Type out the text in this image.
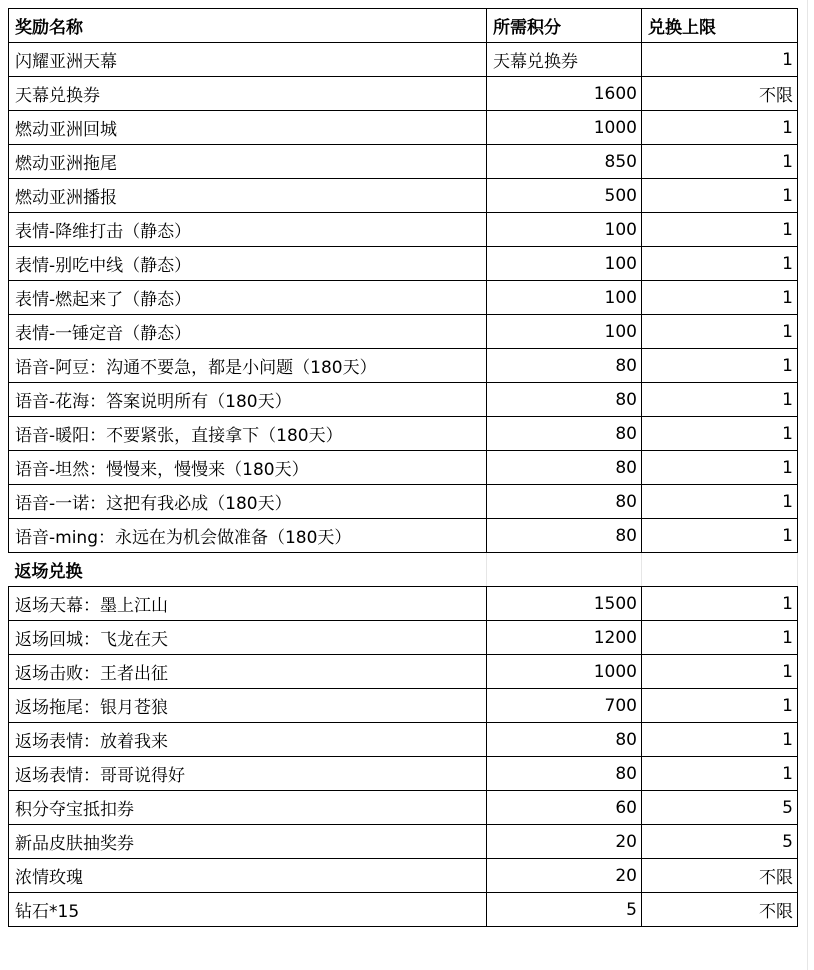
奖励名称	所需积分	兑换上限
闪耀亚洲天幕	天幕兑换券	1
天幕兑换券	1600	不限
燃动亚洲回城	1000	1
燃动亚洲拖尾	850	1
燃动亚洲播报	500	1
表情-降维打击（静态）	100	1
表情-别吃中线（静态）	100	1
表情-燃起来了（静态）	100	1
表情-一锤定音（静态）	100	1
语音-阿豆：沟通不要急，都是小问题（180天）	80	1
语音-花海：答案说明所有（180天）	80	1
语音-暖阳：不要紧张，直接拿下（180天）	80	1
语音-坦然：慢慢来，慢慢来（180天）	80	1
语音-一诺：这把有我必成（180天）	80	1
语音-ming：永远在为机会做准备（180天）	80	1
返场兑换		
返场天幕：墨上江山	1500	1
返场回城：飞龙在天	1200	1
返场击败：王者出征	1000	1
返场拖尾：银月苍狼	700	1
返场表情：放着我来	80	1
返场表情：哥哥说得好	80	1
积分夺宝抵扣券	60	5
新品皮肤抽奖券	20	5
浓情玫瑰	20	不限
钻石*15	5	不限
